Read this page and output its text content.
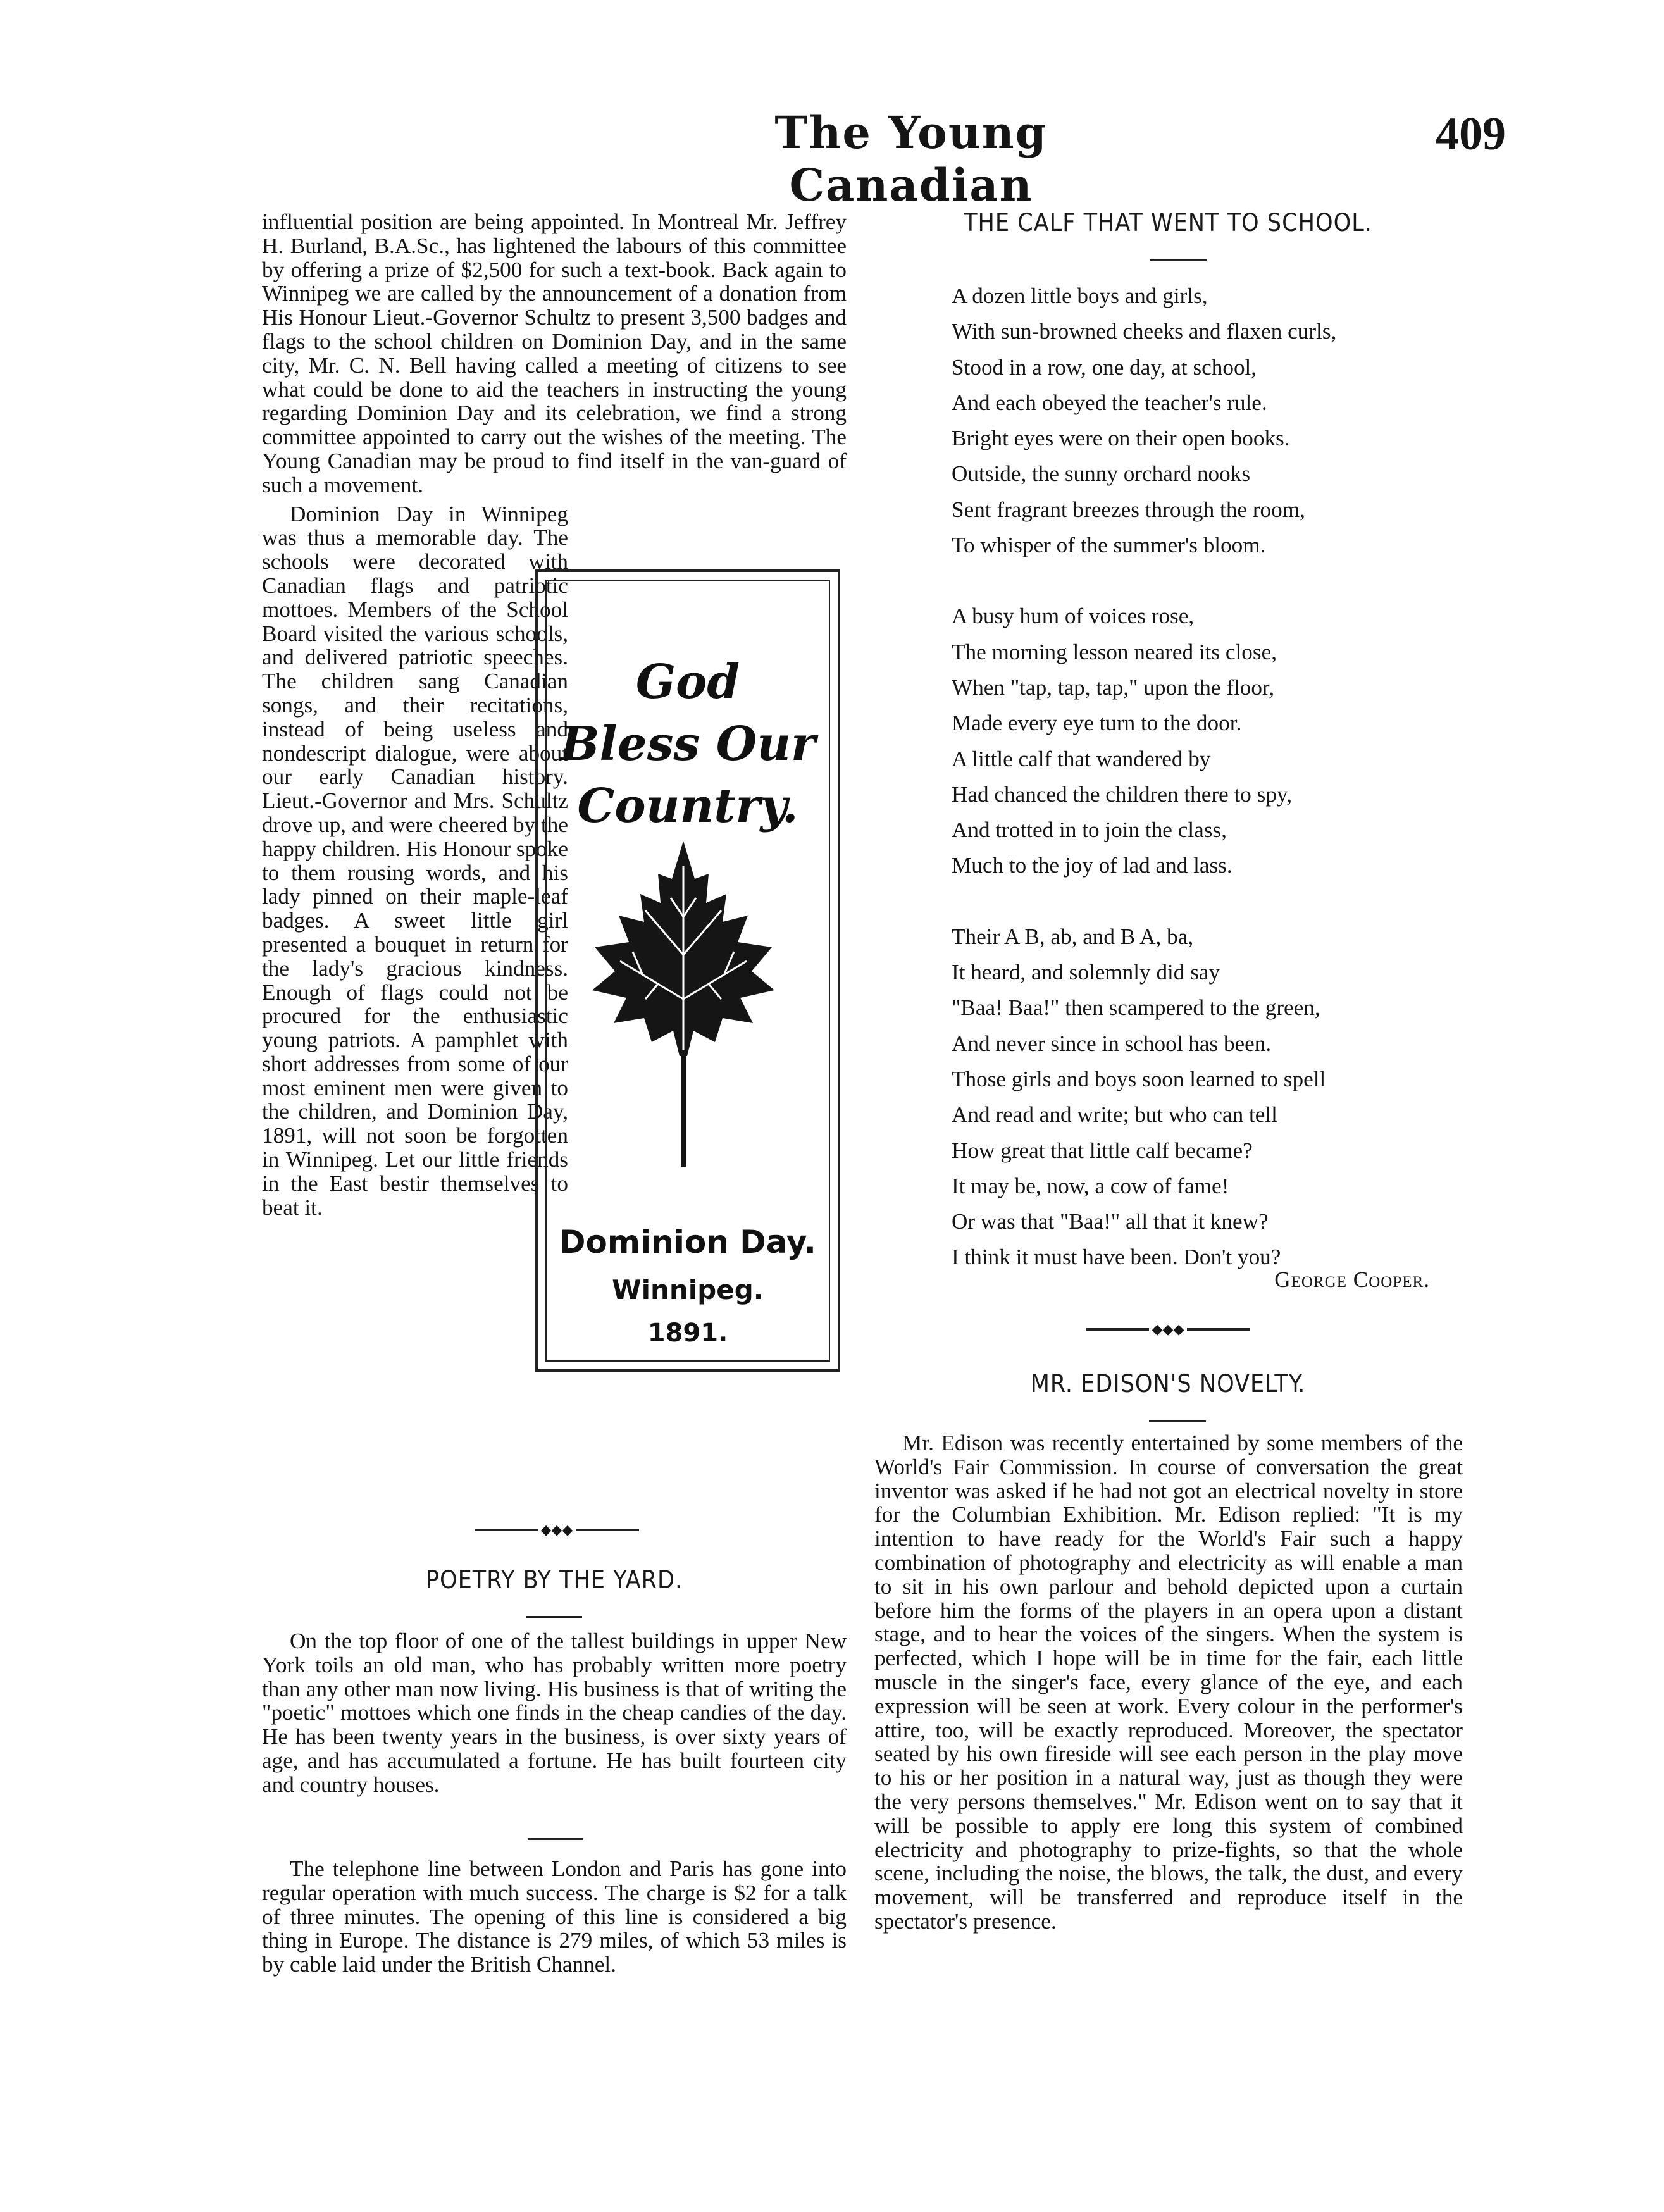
The Young Canadian
409

influential position are being appointed. In Montreal Mr. Jeffrey H. Burland, B.A.Sc., has lightened the labours of this committee by offering a prize of $2,500 for such a text-book. Back again to Winnipeg we are called by the announcement of a donation from His Honour Lieut.-Governor Schultz to present 3,500 badges and flags to the school children on Dominion Day, and in the same city, Mr. C. N. Bell having called a meeting of citizens to see what could be done to aid the teachers in instructing the young regarding Dominion Day and its celebration, we find a strong committee appointed to carry out the wishes of the meeting. The Young Canadian may be proud to find itself in the van-guard of such a movement.

Dominion Day in Winnipeg was thus a memorable day. The schools were decorated with Canadian flags and patriotic mottoes. Members of the School Board visited the various schools, and delivered patriotic speeches. The children sang Canadian songs, and their recitations, instead of being useless and nondescript dialogue, were about our early Canadian history. Lieut.-Governor and Mrs. Schultz drove up, and were cheered by the happy children. His Honour spoke to them rousing words, and his lady pinned on their maple-leaf badges. A sweet little girl presented a bouquet in return for the lady's gracious kindness. Enough of flags could not be procured for the enthusiastic young patriots. A pamphlet with short addresses from some of our most eminent men were given to the children, and Dominion Day, 1891, will not soon be forgotten in Winnipeg. Let our little friends in the East bestir themselves to beat it.

God
Bless Our
Country.
Dominion Day.
Winnipeg.
1891.
◆◆◆
POETRY BY THE YARD.

On the top floor of one of the tallest buildings in upper New York toils an old man, who has probably written more poetry than any other man now living. His business is that of writing the "poetic" mottoes which one finds in the cheap candies of the day. He has been twenty years in the business, is over sixty years of age, and has accumulated a fortune. He has built fourteen city and country houses.

The telephone line between London and Paris has gone into regular operation with much success. The charge is $2 for a talk of three minutes. The opening of this line is considered a big thing in Europe. The distance is 279 miles, of which 53 miles is by cable laid under the British Channel.

THE CALF THAT WENT TO SCHOOL.
A dozen little boys and girls,
With sun-browned cheeks and flaxen curls,
Stood in a row, one day, at school,
And each obeyed the teacher's rule.
Bright eyes were on their open books.
Outside, the sunny orchard nooks
Sent fragrant breezes through the room,
To whisper of the summer's bloom.
A busy hum of voices rose,
The morning lesson neared its close,
When "tap, tap, tap," upon the floor,
Made every eye turn to the door.
A little calf that wandered by
Had chanced the children there to spy,
And trotted in to join the class,
Much to the joy of lad and lass.
Their A B, ab, and B A, ba,
It heard, and solemnly did say
"Baa! Baa!" then scampered to the green,
And never since in school has been.
Those girls and boys soon learned to spell
And read and write; but who can tell
How great that little calf became?
It may be, now, a cow of fame!
Or was that "Baa!" all that it knew?
I think it must have been. Don't you?
George Cooper.
◆◆◆
MR. EDISON'S NOVELTY.

Mr. Edison was recently entertained by some members of the World's Fair Commission. In course of conversation the great inventor was asked if he had not got an electrical novelty in store for the Columbian Exhibition. Mr. Edison replied: "It is my intention to have ready for the World's Fair such a happy combination of photography and electricity as will enable a man to sit in his own parlour and behold depicted upon a curtain before him the forms of the players in an opera upon a distant stage, and to hear the voices of the singers. When the system is perfected, which I hope will be in time for the fair, each little muscle in the singer's face, every glance of the eye, and each expression will be seen at work. Every colour in the performer's attire, too, will be exactly reproduced. Moreover, the spectator seated by his own fireside will see each person in the play move to his or her position in a natural way, just as though they were the very persons themselves." Mr. Edison went on to say that it will be possible to apply ere long this system of combined electricity and photography to prize-fights, so that the whole scene, including the noise, the blows, the talk, the dust, and every movement, will be transferred and reproduce itself in the spectator's presence.
